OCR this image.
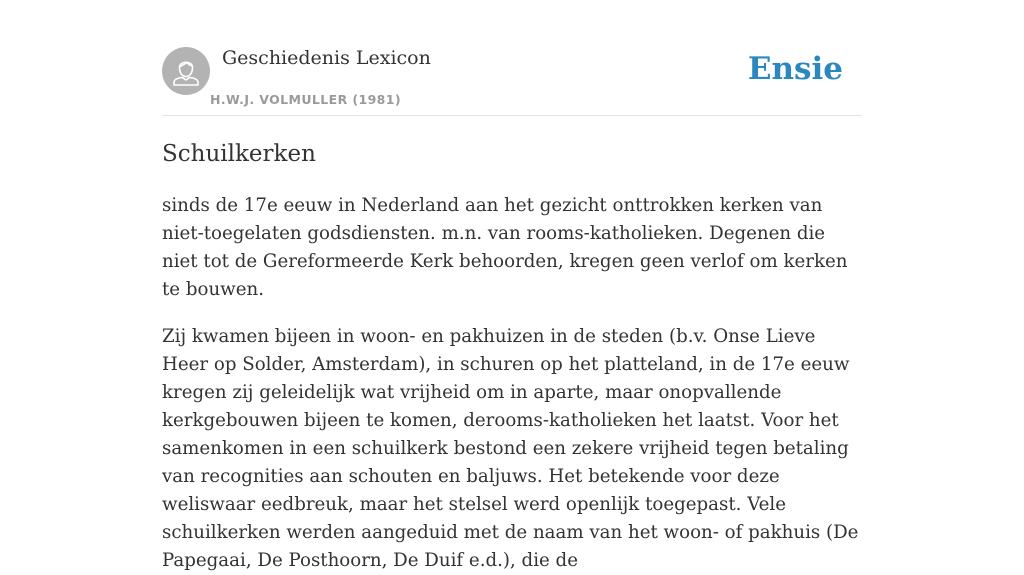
Geschiedenis Lexicon
H.W.J. VOLMULLER (1981)
Ensie
Schuilkerken

sinds de 17e eeuw in Nederland aan het gezicht onttrokken kerken van niet-toegelaten godsdiensten. m.n. van rooms-katholieken. Degenen die niet tot de Gereformeerde Kerk behoorden, kregen geen verlof om kerken te bouwen.

Zij kwamen bijeen in woon- en pakhuizen in de steden (b.v. Onse Lieve Heer op Solder, Amsterdam), in schuren op het platteland, in de 17e eeuw kregen zij geleidelijk wat vrijheid om in aparte, maar onopvallende kerkgebouwen bijeen te komen, derooms-katholieken het laatst. Voor het samenkomen in een schuilkerk bestond een zekere vrijheid tegen betaling van recognities aan schouten en baljuws. Het betekende voor deze weliswaar eedbreuk, maar het stelsel werd openlijk toegepast. Vele schuilkerken werden aangeduid met de naam van het woon- of pakhuis (De Papegaai, De Posthoorn, De Duif e.d.), die de
